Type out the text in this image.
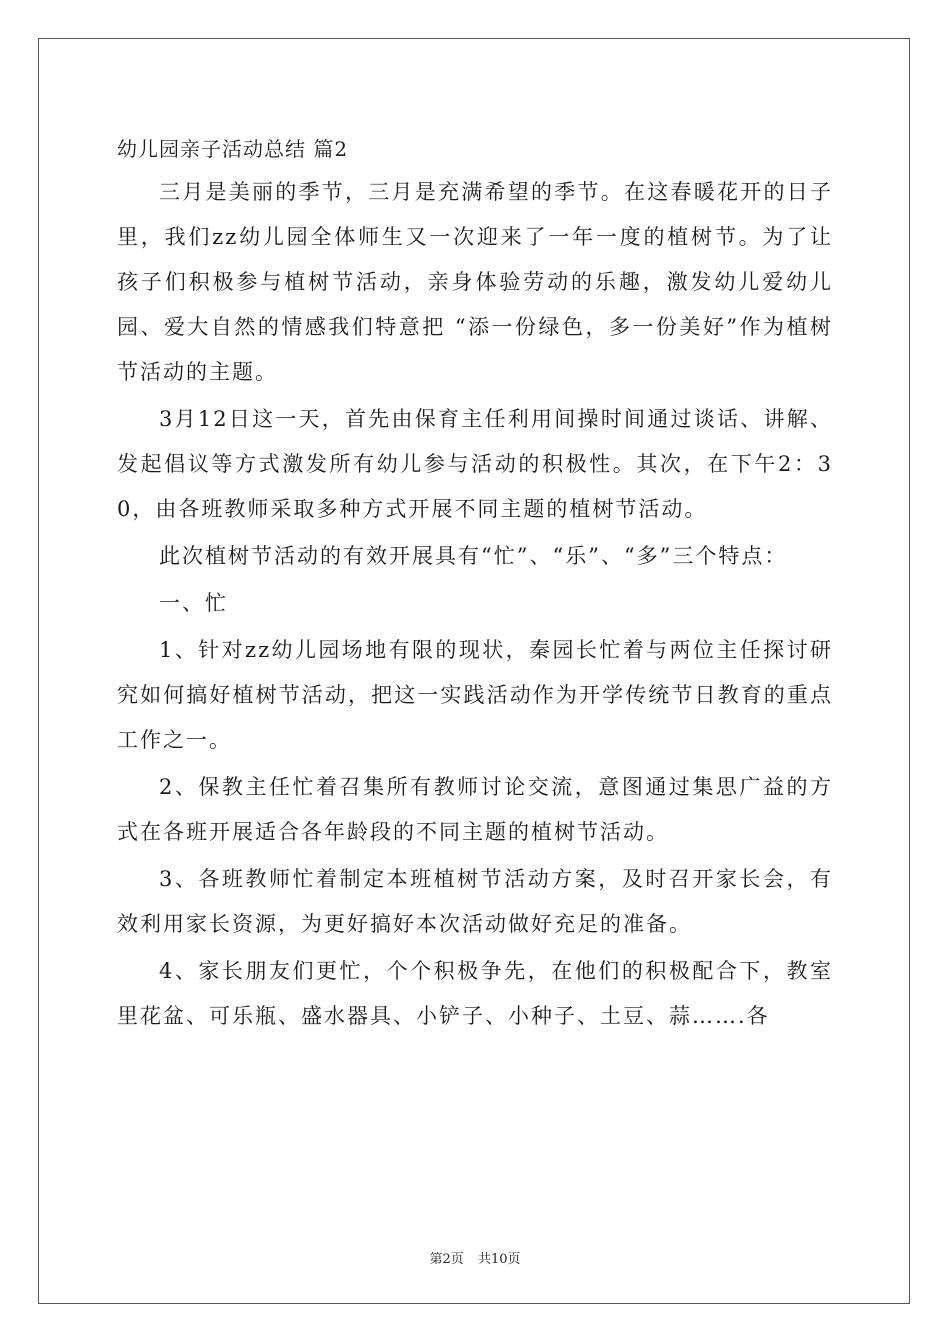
幼儿园亲子活动总结 篇2

三月是美丽的季节，三月是充满希望的季节。在这春暖花开的日子里，我们zz幼儿园全体师生又一次迎来了一年一度的植树节。为了让孩子们积极参与植树节活动，亲身体验劳动的乐趣，激发幼儿爱幼儿园、爱大自然的情感我们特意把 “添一份绿色，多一份美好”作为植树节活动的主题。

3月12日这一天，首先由保育主任利用间操时间通过谈话、讲解、发起倡议等方式激发所有幼儿参与活动的积极性。其次，在下午2：30，由各班教师采取多种方式开展不同主题的植树节活动。

此次植树节活动的有效开展具有“忙”、“乐”、“多”三个特点：

一、忙

1、针对zz幼儿园场地有限的现状，秦园长忙着与两位主任探讨研究如何搞好植树节活动，把这一实践活动作为开学传统节日教育的重点工作之一。

2、保教主任忙着召集所有教师讨论交流，意图通过集思广益的方式在各班开展适合各年龄段的不同主题的植树节活动。

3、各班教师忙着制定本班植树节活动方案，及时召开家长会，有效利用家长资源，为更好搞好本次活动做好充足的准备。

4、家长朋友们更忙，个个积极争先，在他们的积极配合下，教室里花盆、可乐瓶、盛水器具、小铲子、小种子、土豆、蒜…….各

第2页 共10页
